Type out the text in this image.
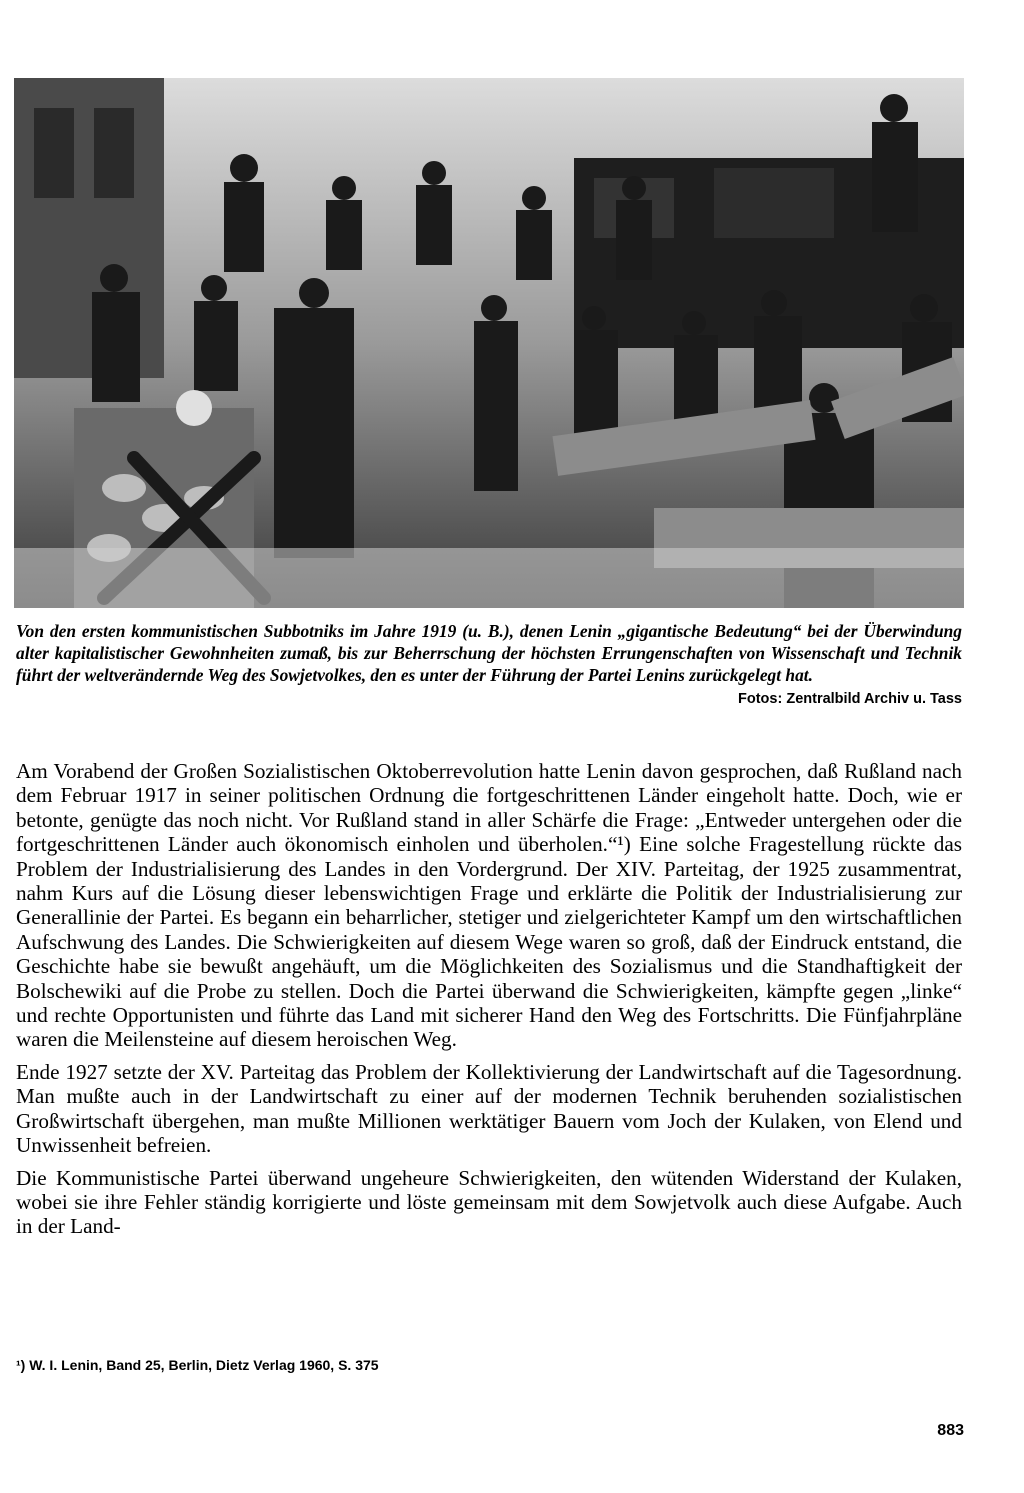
Von den ersten kommunistischen Subbotniks im Jahre 1919 (u. B.), denen Lenin „gigantische Bedeutung“ bei der Überwindung alter kapitalistischer Gewohnheiten zumaß, bis zur Beherrschung der höchsten Errungenschaften von Wissenschaft und Technik führt der weltverändernde Weg des Sowjetvolkes, den es unter der Führung der Partei Lenins zurückgelegt hat.
Fotos: Zentralbild Archiv u. Tass

Am Vorabend der Großen Sozialistischen Oktoberrevolution hatte Lenin davon gesprochen, daß Rußland nach dem Februar 1917 in seiner politischen Ordnung die fortgeschrittenen Länder eingeholt hatte. Doch, wie er betonte, genügte das noch nicht. Vor Rußland stand in aller Schärfe die Frage: „Entweder untergehen oder die fortgeschrittenen Länder auch ökonomisch einholen und überholen.“¹) Eine solche Fragestellung rückte das Problem der Industrialisierung des Landes in den Vordergrund. Der XIV. Parteitag, der 1925 zusammentrat, nahm Kurs auf die Lösung dieser lebenswichtigen Frage und erklärte die Politik der Industrialisierung zur Generallinie der Partei. Es begann ein beharrlicher, stetiger und zielgerichteter Kampf um den wirtschaftlichen Aufschwung des Landes. Die Schwierigkeiten auf diesem Wege waren so groß, daß der Eindruck entstand, die Geschichte habe sie bewußt angehäuft, um die Möglichkeiten des Sozialismus und die Standhaftigkeit der Bolschewiki auf die Probe zu stellen. Doch die Partei überwand die Schwierigkeiten, kämpfte gegen „linke“ und rechte Opportunisten und führte das Land mit sicherer Hand den Weg des Fortschritts. Die Fünfjahrpläne waren die Meilensteine auf diesem heroischen Weg.

Ende 1927 setzte der XV. Parteitag das Problem der Kollektivierung der Landwirtschaft auf die Tagesordnung. Man mußte auch in der Landwirtschaft zu einer auf der modernen Technik beruhenden sozialistischen Großwirtschaft übergehen, man mußte Millionen werktätiger Bauern vom Joch der Kulaken, von Elend und Unwissenheit befreien.

Die Kommunistische Partei überwand ungeheure Schwierigkeiten, den wütenden Widerstand der Kulaken, wobei sie ihre Fehler ständig korrigierte und löste gemeinsam mit dem Sowjetvolk auch diese Aufgabe. Auch in der Land-

¹) W. I. Lenin, Band 25, Berlin, Dietz Verlag 1960, S. 375

883
